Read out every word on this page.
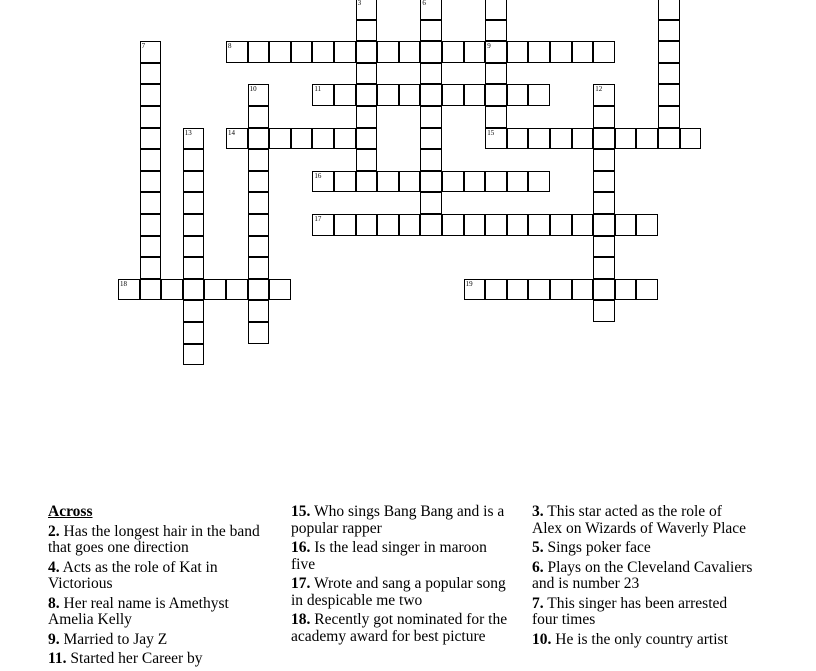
9
15
3	6
7	8
10	11	12
13	14
16
17
18	19
Across
2. Has the longest hair in the band that goes one direction
4. Acts as the role of Kat in Victorious
8. Her real name is Amethyst Amelia Kelly
9. Married to Jay Z
11. Started her Career by
15. Who sings Bang Bang and is a popular rapper
16. Is the lead singer in maroon five
17. Wrote and sang a popular song in despicable me two
18. Recently got nominated for the academy award for best picture
3. This star acted as the role of Alex on Wizards of Waverly Place
5. Sings poker face
6. Plays on the Cleveland Cavaliers and is number 23
7. This singer has been arrested four times
10. He is the only country artist
